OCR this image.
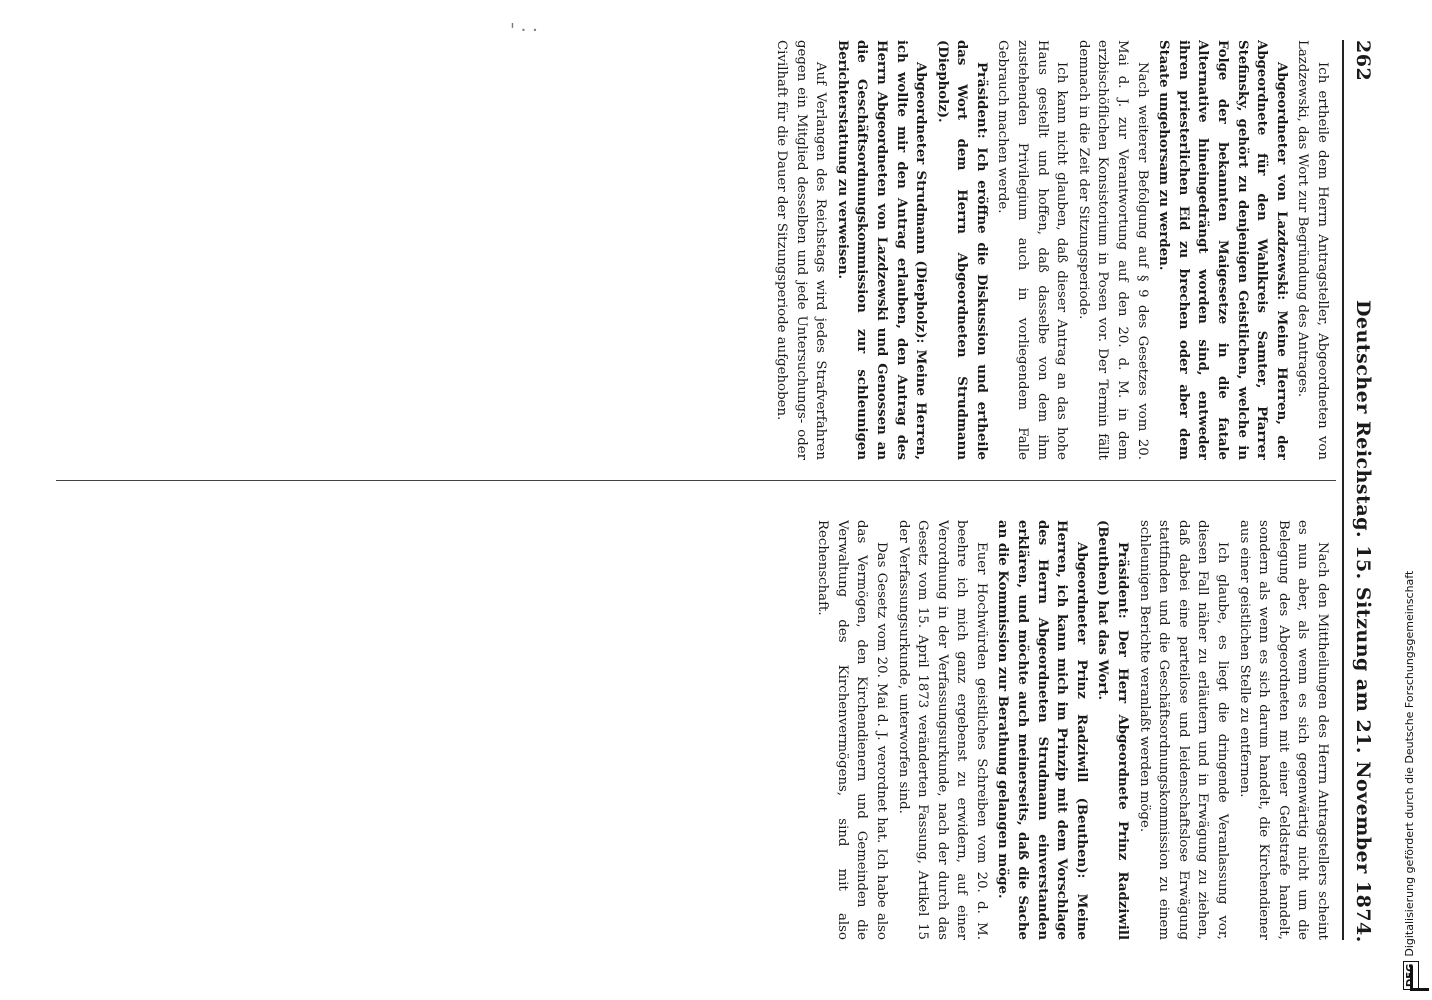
' · ·
262
Deutscher Reichstag. 15. Sitzung am 21. November 1874.

Ich ertheile dem Herrn Antragsteller, Abgeordneten von Lazdzewski, das Wort zur Begründung des Antrages.

Abgeordneter von Lazdzewski: Meine Herren, der Abgeordnete für den Wahlkreis Samter, Pfarrer Stefinsky, gehört zu denjenigen Geistlichen, welche in Folge der bekannten Maigesetze in die fatale Alternative hineingedrängt worden sind, entweder ihren priesterlichen Eid zu brechen oder aber dem Staate ungehorsam zu werden.

Nach weiterer Befolgung auf § 9 des Gesetzes vom 20. Mai d. J. zur Verantwortung auf den 20. d. M. in dem erzbischöflichen Konsistorium in Posen vor. Der Termin fällt demnach in die Zeit der Sitzungsperiode.

Ich kann nicht glauben, daß dieser Antrag an das hohe Haus gestellt und hoffen, daß dasselbe von dem ihm zustehenden Privilegium auch in vorliegendem Falle Gebrauch machen werde.

Präsident: Ich eröffne die Diskussion und ertheile das Wort dem Herrn Abgeordneten Strudmann (Diepholz).

Abgeordneter Strudmann (Diepholz): Meine Herren, ich wollte mir den Antrag erlauben, den Antrag des Herrn Abgeordneten von Lazdzewski und Genossen an die Geschäftsordnungskommission zur schleunigen Berichterstattung zu verweisen.

Auf Verlangen des Reichstags wird jedes Strafverfahren gegen ein Mitglied desselben und jede Untersuchungs- oder Civilhaft für die Dauer der Sitzungsperiode aufgehoben.

Nach den Mittheilungen des Herrn Antragstellers scheint es nun aber, als wenn es sich gegenwärtig nicht um die Belegung des Abgeordneten mit einer Geldstrafe handelt, sondern als wenn es sich darum handelt, die Kirchendiener aus einer geistlichen Stelle zu entfernen.

Ich glaube, es liegt die dringende Veranlassung vor, diesen Fall näher zu erläutern und in Erwägung zu ziehen, daß dabei eine parteilose und leidenschaftslose Erwägung stattfinden und die Geschäftsordnungskommission zu einem schleunigen Berichte veranlaßt werden möge.

Präsident: Der Herr Abgeordnete Prinz Radziwill (Beuthen) hat das Wort.

Abgeordneter Prinz Radziwill (Beuthen): Meine Herren, ich kann mich im Prinzip mit dem Vorschlage des Herrn Abgeordneten Strudmann einverstanden erklären, und möchte auch meinerseits, daß die Sache an die Kommission zur Berathung gelangen möge.

Euer Hochwürden geistliches Schreiben vom 20. d. M. beehre ich mich ganz ergebenst zu erwidern, auf einer Verordnung in der Verfassungsurkunde, nach der durch das Gesetz vom 15. April 1873 veränderten Fassung, Artikel 15 der Verfassungsurkunde, unterworfen sind.

Das Gesetz vom 20. Mai d. J. verordnet hat. Ich habe also das Vermögen, den Kirchendienern und Gemeinden die Verwaltung des Kirchenvermögens, sind mit also Rechenschaft.

DFGDigitalisierung gefördert durch die Deutsche Forschungsgemeinschaft
